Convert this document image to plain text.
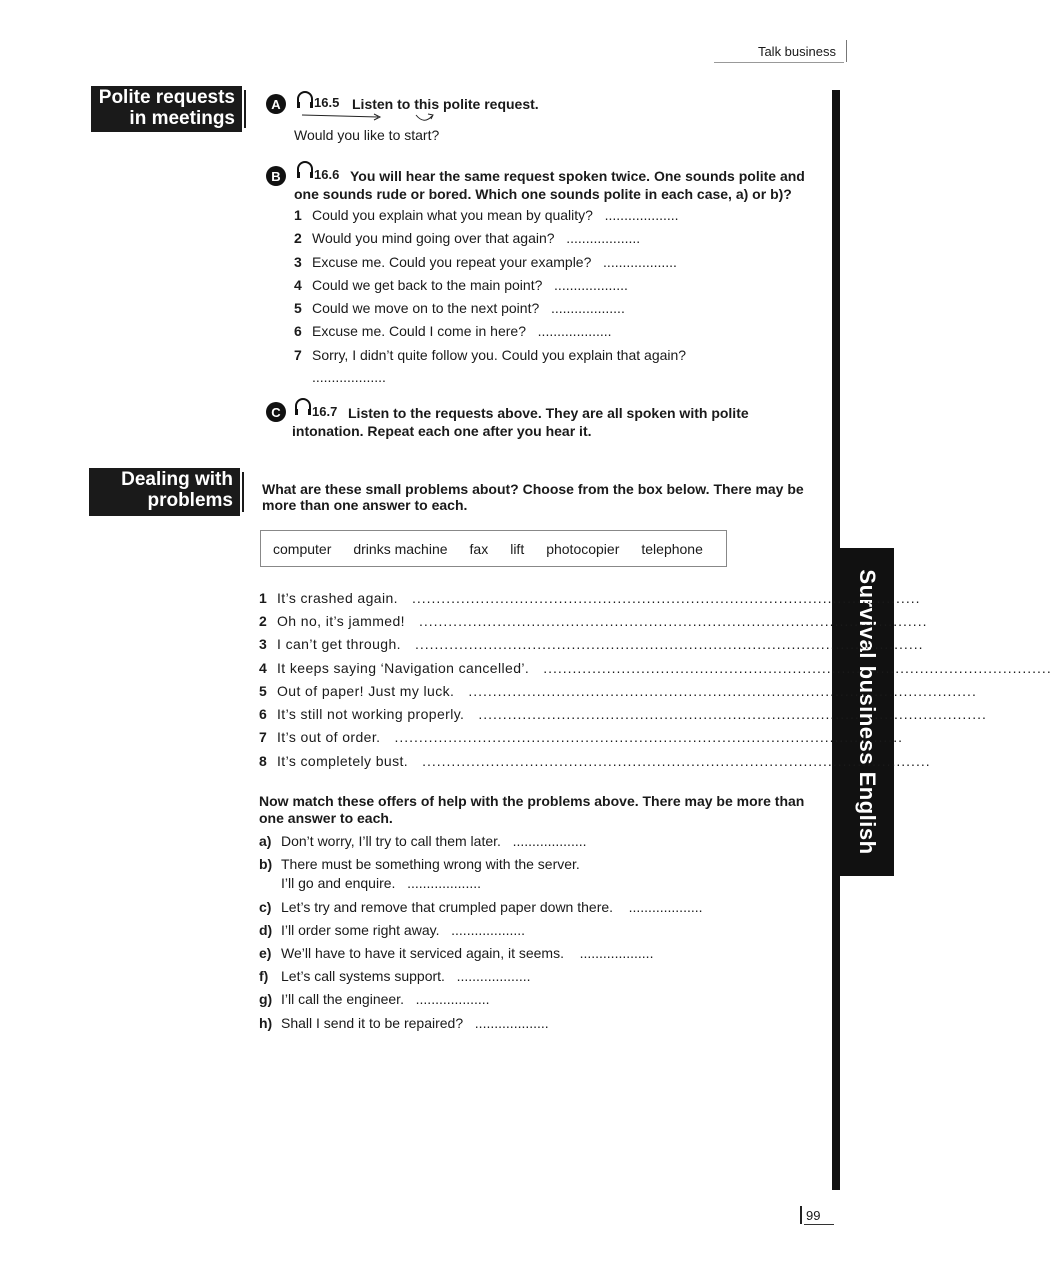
Talk business
Survival business English
Polite requests
in meetings
A	16.5 Listen to this polite request.
Would you like to start?
B	16.6 You will hear the same request spoken twice. One sounds polite and
one sounds rude or bored. Which one sounds polite in each case, a) or b)?
1 Could you explain what you mean by quality? ...................
2 Would you mind going over that again? ...................
3 Excuse me. Could you repeat your example? ...................
4 Could we get back to the main point? ...................
5 Could we move on to the next point? ...................
6 Excuse me. Could I come in here? ...................
7 Sorry, I didn’t quite follow you. Could you explain that again?
...................
C	16.7 Listen to the requests above. They are all spoken with polite
intonation. Repeat each one after you hear it.
Dealing with
problems
What are these small problems about? Choose from the box below. There may be
more than one answer to each.
computer drinks machine fax lift photocopier telephone
1 It’s crashed again. ........................................................................................................
2 Oh no, it’s jammed! ........................................................................................................
3 I can’t get through. ........................................................................................................
4 It keeps saying ‘Navigation cancelled’. ........................................................................................................
5 Out of paper! Just my luck. ........................................................................................................
6 It’s still not working properly. ........................................................................................................
7 It’s out of order. ........................................................................................................
8 It’s completely bust. ........................................................................................................
Now match these offers of help with the problems above. There may be more than
one answer to each.
a) Don’t worry, I’ll try to call them later. ...................
b) There must be something wrong with the server.
I’ll go and enquire. ...................
c) Let’s try and remove that crumpled paper down there. ...................
d) I’ll order some right away. ...................
e) We’ll have to have it serviced again, it seems. ...................
f) Let’s call systems support. ...................
g) I’ll call the engineer. ...................
h) Shall I send it to be repaired? ...................
99
